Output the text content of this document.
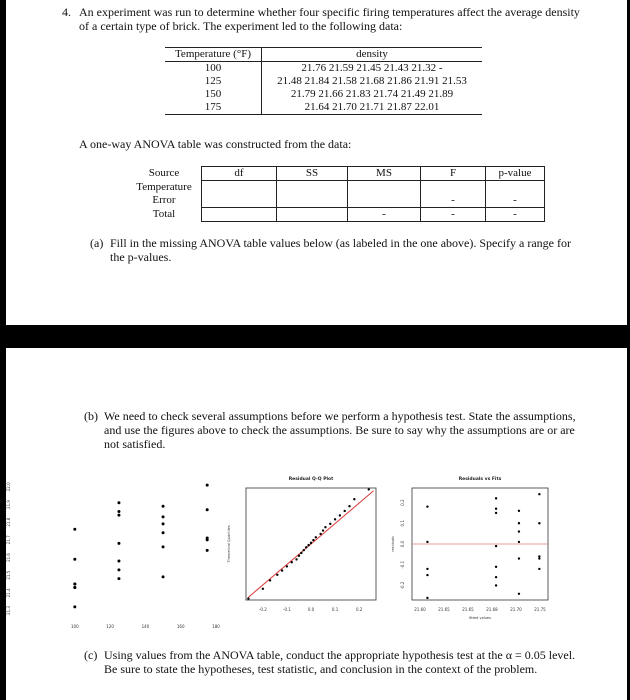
4. An experiment was run to determine whether four specific firing temperatures affect the average density of a certain type of brick. The experiment led to the following data:
Temperature (°F)	density
100	21.76 21.59 21.45 21.43 21.32 -
125	21.48 21.84 21.58 21.68 21.86 21.91 21.53
150	21.79 21.66 21.83 21.74 21.49 21.89
175	21.64 21.70 21.71 21.87 22.01
A one-way ANOVA table was constructed from the data:
Source	df	SS	MS	F	p-value
Temperature					
Error				-	-
Total			-	-	-
(a) Fill in the missing ANOVA table values below (as labeled in the one above). Specify a range for the p-values.
(b) We need to check several assumptions before we perform a hypothesis test. State the assumptions, and use the figures above to check the assumptions. Be sure to say why the assumptions are or are not satisfied.
21.3
21.4
21.5
21.6
21.7
21.8
21.9
22.0
100	120	140	160	180
Residual Q-Q Plot
Theoretical Quantiles
-0.2	-0.1	0.0	0.1	0.2
Residuals vs Fits
residuals
-0.2
-0.1
0.0
0.1
0.2
21.60	21.65	21.65	21.68	21.70	21.75
fitted values
(c) Using values from the ANOVA table, conduct the appropriate hypothesis test at the α = 0.05 level. Be sure to state the hypotheses, test statistic, and conclusion in the context of the problem.
